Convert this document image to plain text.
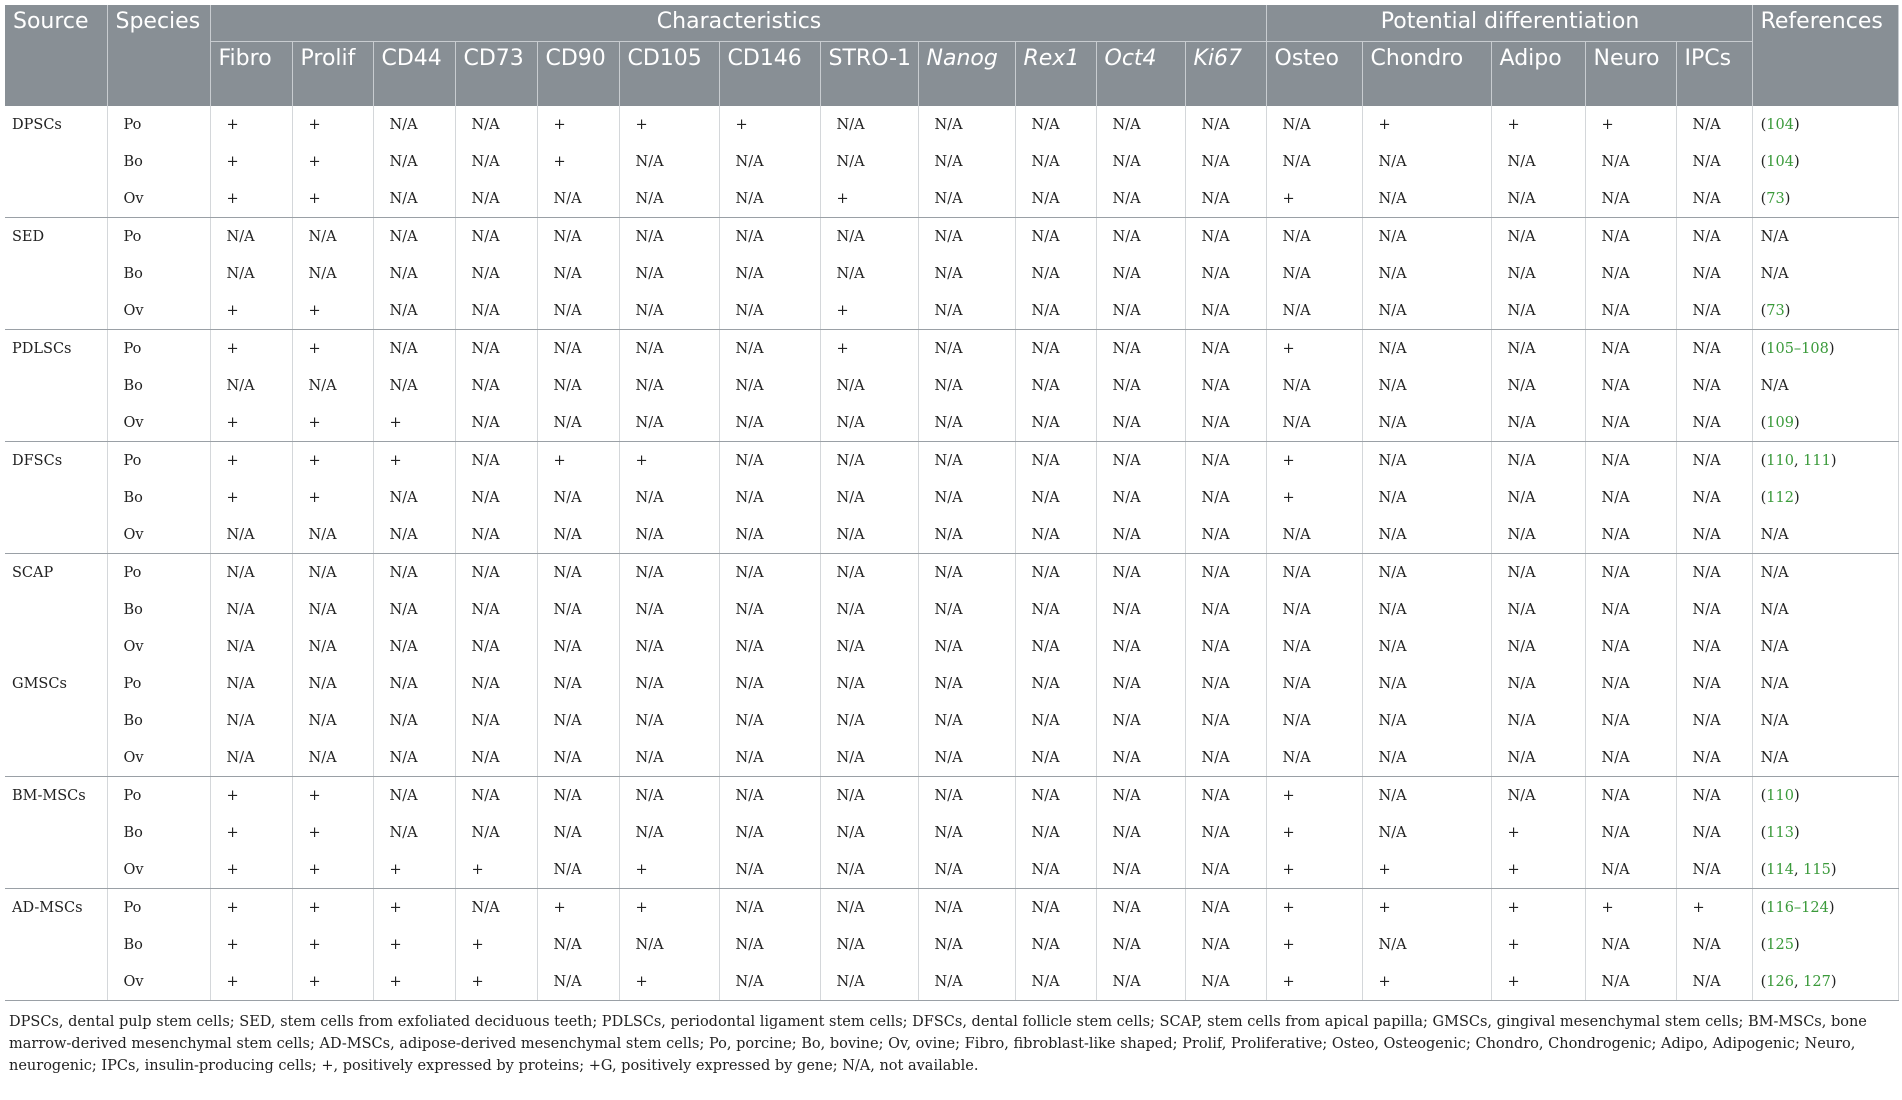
Source	Species	Characteristics												Potential differentiation					References
		Fibro	Prolif	CD44	CD73	CD90	CD105	CD146	STRO-1	Nanog	Rex1	Oct4	Ki67	Osteo	Chondro	Adipo	Neuro	IPCs	
DPSCs	Po	+	+	N/A	N/A	+	+	+	N/A	N/A	N/A	N/A	N/A	N/A	+	+	+	N/A	(104)
	Bo	+	+	N/A	N/A	+	N/A	N/A	N/A	N/A	N/A	N/A	N/A	N/A	N/A	N/A	N/A	N/A	(104)
	Ov	+	+	N/A	N/A	N/A	N/A	N/A	+	N/A	N/A	N/A	N/A	+	N/A	N/A	N/A	N/A	(73)
SED	Po	N/A	N/A	N/A	N/A	N/A	N/A	N/A	N/A	N/A	N/A	N/A	N/A	N/A	N/A	N/A	N/A	N/A	N/A
	Bo	N/A	N/A	N/A	N/A	N/A	N/A	N/A	N/A	N/A	N/A	N/A	N/A	N/A	N/A	N/A	N/A	N/A	N/A
	Ov	+	+	N/A	N/A	N/A	N/A	N/A	+	N/A	N/A	N/A	N/A	N/A	N/A	N/A	N/A	N/A	(73)
PDLSCs	Po	+	+	N/A	N/A	N/A	N/A	N/A	+	N/A	N/A	N/A	N/A	+	N/A	N/A	N/A	N/A	(105–108)
	Bo	N/A	N/A	N/A	N/A	N/A	N/A	N/A	N/A	N/A	N/A	N/A	N/A	N/A	N/A	N/A	N/A	N/A	N/A
	Ov	+	+	+	N/A	N/A	N/A	N/A	N/A	N/A	N/A	N/A	N/A	N/A	N/A	N/A	N/A	N/A	(109)
DFSCs	Po	+	+	+	N/A	+	+	N/A	N/A	N/A	N/A	N/A	N/A	+	N/A	N/A	N/A	N/A	(110, 111)
	Bo	+	+	N/A	N/A	N/A	N/A	N/A	N/A	N/A	N/A	N/A	N/A	+	N/A	N/A	N/A	N/A	(112)
	Ov	N/A	N/A	N/A	N/A	N/A	N/A	N/A	N/A	N/A	N/A	N/A	N/A	N/A	N/A	N/A	N/A	N/A	N/A
SCAP	Po	N/A	N/A	N/A	N/A	N/A	N/A	N/A	N/A	N/A	N/A	N/A	N/A	N/A	N/A	N/A	N/A	N/A	N/A
	Bo	N/A	N/A	N/A	N/A	N/A	N/A	N/A	N/A	N/A	N/A	N/A	N/A	N/A	N/A	N/A	N/A	N/A	N/A
	Ov	N/A	N/A	N/A	N/A	N/A	N/A	N/A	N/A	N/A	N/A	N/A	N/A	N/A	N/A	N/A	N/A	N/A	N/A
GMSCs	Po	N/A	N/A	N/A	N/A	N/A	N/A	N/A	N/A	N/A	N/A	N/A	N/A	N/A	N/A	N/A	N/A	N/A	N/A
	Bo	N/A	N/A	N/A	N/A	N/A	N/A	N/A	N/A	N/A	N/A	N/A	N/A	N/A	N/A	N/A	N/A	N/A	N/A
	Ov	N/A	N/A	N/A	N/A	N/A	N/A	N/A	N/A	N/A	N/A	N/A	N/A	N/A	N/A	N/A	N/A	N/A	N/A
BM-MSCs	Po	+	+	N/A	N/A	N/A	N/A	N/A	N/A	N/A	N/A	N/A	N/A	+	N/A	N/A	N/A	N/A	(110)
	Bo	+	+	N/A	N/A	N/A	N/A	N/A	N/A	N/A	N/A	N/A	N/A	+	N/A	+	N/A	N/A	(113)
	Ov	+	+	+	+	N/A	+	N/A	N/A	N/A	N/A	N/A	N/A	+	+	+	N/A	N/A	(114, 115)
AD-MSCs	Po	+	+	+	N/A	+	+	N/A	N/A	N/A	N/A	N/A	N/A	+	+	+	+	+	(116–124)
	Bo	+	+	+	+	N/A	N/A	N/A	N/A	N/A	N/A	N/A	N/A	+	N/A	+	N/A	N/A	(125)
	Ov	+	+	+	+	N/A	+	N/A	N/A	N/A	N/A	N/A	N/A	+	+	+	N/A	N/A	(126, 127)
DPSCs, dental pulp stem cells; SED, stem cells from exfoliated deciduous teeth; PDLSCs, periodontal ligament stem cells; DFSCs, dental follicle stem cells; SCAP, stem cells from apical papilla; GMSCs, gingival mesenchymal stem cells; BM-MSCs, bone marrow-derived mesenchymal stem cells; AD-MSCs, adipose-derived mesenchymal stem cells; Po, porcine; Bo, bovine; Ov, ovine; Fibro, fibroblast-like shaped; Prolif, Proliferative; Osteo, Osteogenic; Chondro, Chondrogenic; Adipo, Adipogenic; Neuro, neurogenic; IPCs, insulin-producing cells; +, positively expressed by proteins; +G, positively expressed by gene; N/A, not available.
